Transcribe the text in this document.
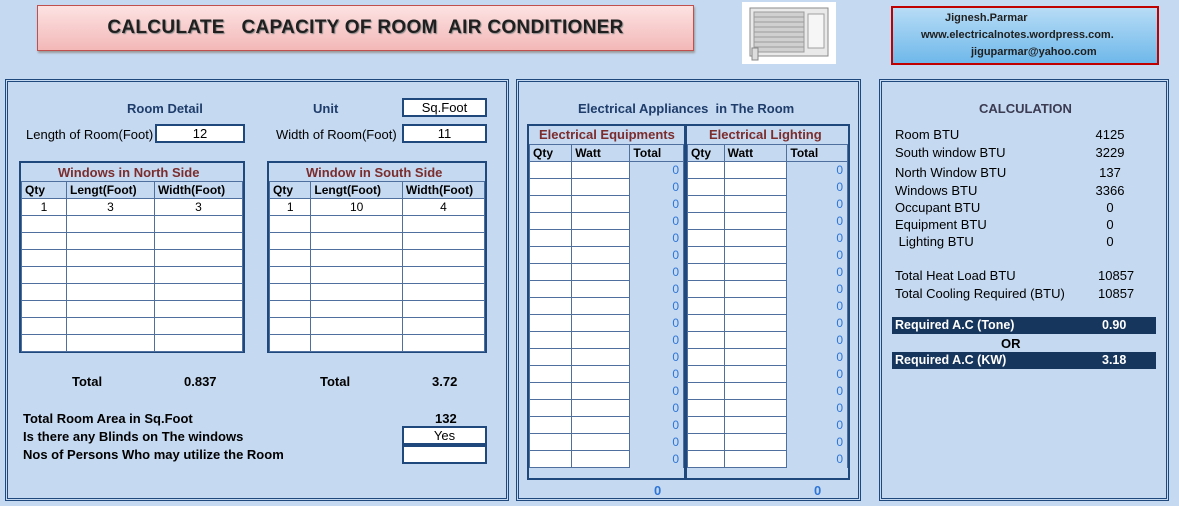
CALCULATE   CAPACITY OF ROOM  AIR CONDITIONER	Jignesh.Parmar
www.electricalnotes.wordpress.com.
jiguparmar@yahoo.com
Room Detail	Unit	Sq.Foot
Length of Room(Foot)	12	Width of Room(Foot)	11
Windows in North Side
Qty	Lengt(Foot)	Width(Foot)
1	3	3

Window in South Side
Qty	Lengt(Foot)	Width(Foot)
1	10	4

Total	0.837	Total	3.72
Total Room Area in Sq.Foot	132
Is there any Blinds on The windows	Yes
Nos of Persons Who may utilize the Room
Electrical Appliances  in The Room
Electrical Equipments	Electrical Lighting
Qty	Watt	Total
		0
		0
		0
		0
		0
		0
		0
		0
		0
		0
		0
		0
		0
		0
		0
		0
		0
		0
Qty	Watt	Total
		0
		0
		0
		0
		0
		0
		0
		0
		0
		0
		0
		0
		0
		0
		0
		0
		0
		0
0	0
CALCULATION
Room BTU	4125
South window BTU	3229
North Window BTU	137
Windows BTU	3366
Occupant BTU	0
Equipment BTU	0
Lighting BTU	0
Total Heat Load BTU	10857
Total Cooling Required (BTU)	10857
Required A.C (Tone)	0.90
OR
Required A.C (KW)	3.18
